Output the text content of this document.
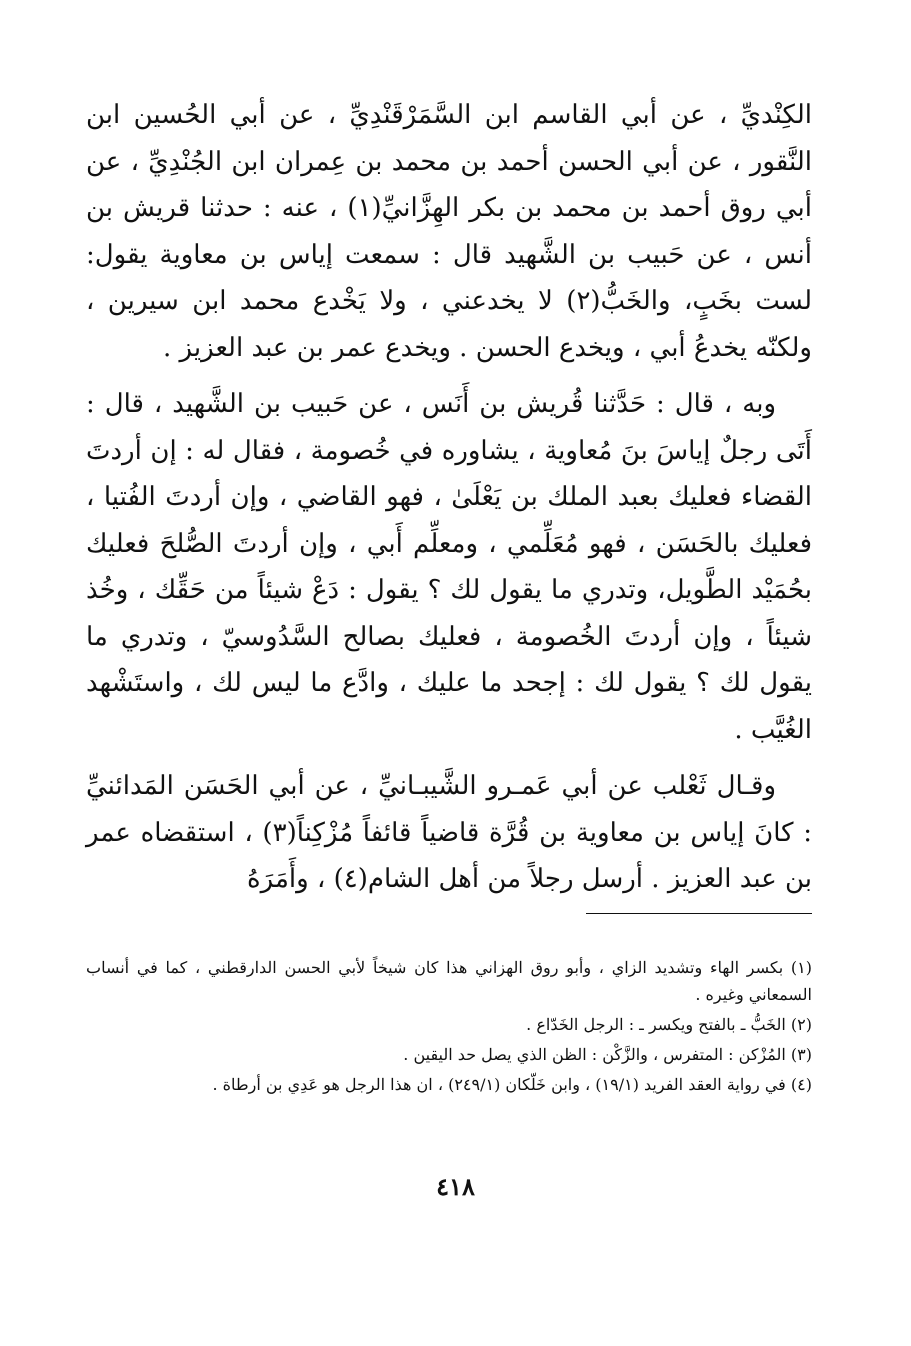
الكِنْديِّ ، عن أبي القاسم ابن السَّمَرْقَنْدِيِّ ، عن أبي الحُسين ابن النَّقور ، عن أبي الحسن أحمد بن محمد بن عِمران ابن الجُنْدِيِّ ، عن أبي روق أحمد بن محمد بن بكر الهِزَّانيِّ(١) ، عنه : حدثنا قريش بن أنس ، عن حَبيب بن الشَّهيد قال : سمعت إياس بن معاوية يقول: لست بخَبٍ، والخَبُّ(٢) لا يخدعني ، ولا يَخْدع محمد ابن سيرين ، ولكنّه يخدعُ أبي ، ويخدع الحسن . ويخدع عمر بن عبد العزيز .

وبه ، قال : حَدَّثنا قُريش بن أَنَس ، عن حَبيب بن الشَّهيد ، قال : أَتَى رجلٌ إياسَ بنَ مُعاوية ، يشاوره في خُصومة ، فقال له : إن أردتَ القضاء فعليك بعبد الملك بن يَعْلَىٰ ، فهو القاضي ، وإن أردتَ الفُتيا ، فعليك بالحَسَن ، فهو مُعَلِّمي ، ومعلِّم أَبي ، وإن أردتَ الصُّلحَ فعليك بحُمَيْد الطَّويل، وتدري ما يقول لك ؟ يقول : دَعْ شيئاً من حَقِّك ، وخُذ شيئاً ، وإن أردتَ الخُصومة ، فعليك بصالح السَّدُوسيّ ، وتدري ما يقول لك ؟ يقول لك : إجحد ما عليك ، وادَّع ما ليس لك ، واستَشْهد الغُيَّب .

وقـال ثَعْلب عن أبي عَمـرو الشَّيبـانيِّ ، عن أبي الحَسَن المَدائنيِّ : كانَ إياس بن معاوية بن قُرَّة قاضياً قائفاً مُزْكِناً(٣) ، استقضاه عمر بن عبد العزيز . أرسل رجلاً من أهل الشام(٤) ، وأَمَرَهُ

(١) بكسر الهاء وتشديد الزاي ، وأبو روق الهزاني هذا كان شيخاً لأبي الحسن الدارقطني ، كما في أنساب السمعاني وغيره .

(٢) الخَبُّ ـ بالفتح ويكسر ـ : الرجل الخَدّاع .

(٣) المُزْكن : المتفرس ، والزَّكْن : الظن الذي يصل حد اليقين .

(٤) في رواية العقد الفريد (١٩/١) ، وابن خَلّكان (٢٤٩/١) ، ان هذا الرجل هو عَدِي بن أرطاة .

٤١٨
